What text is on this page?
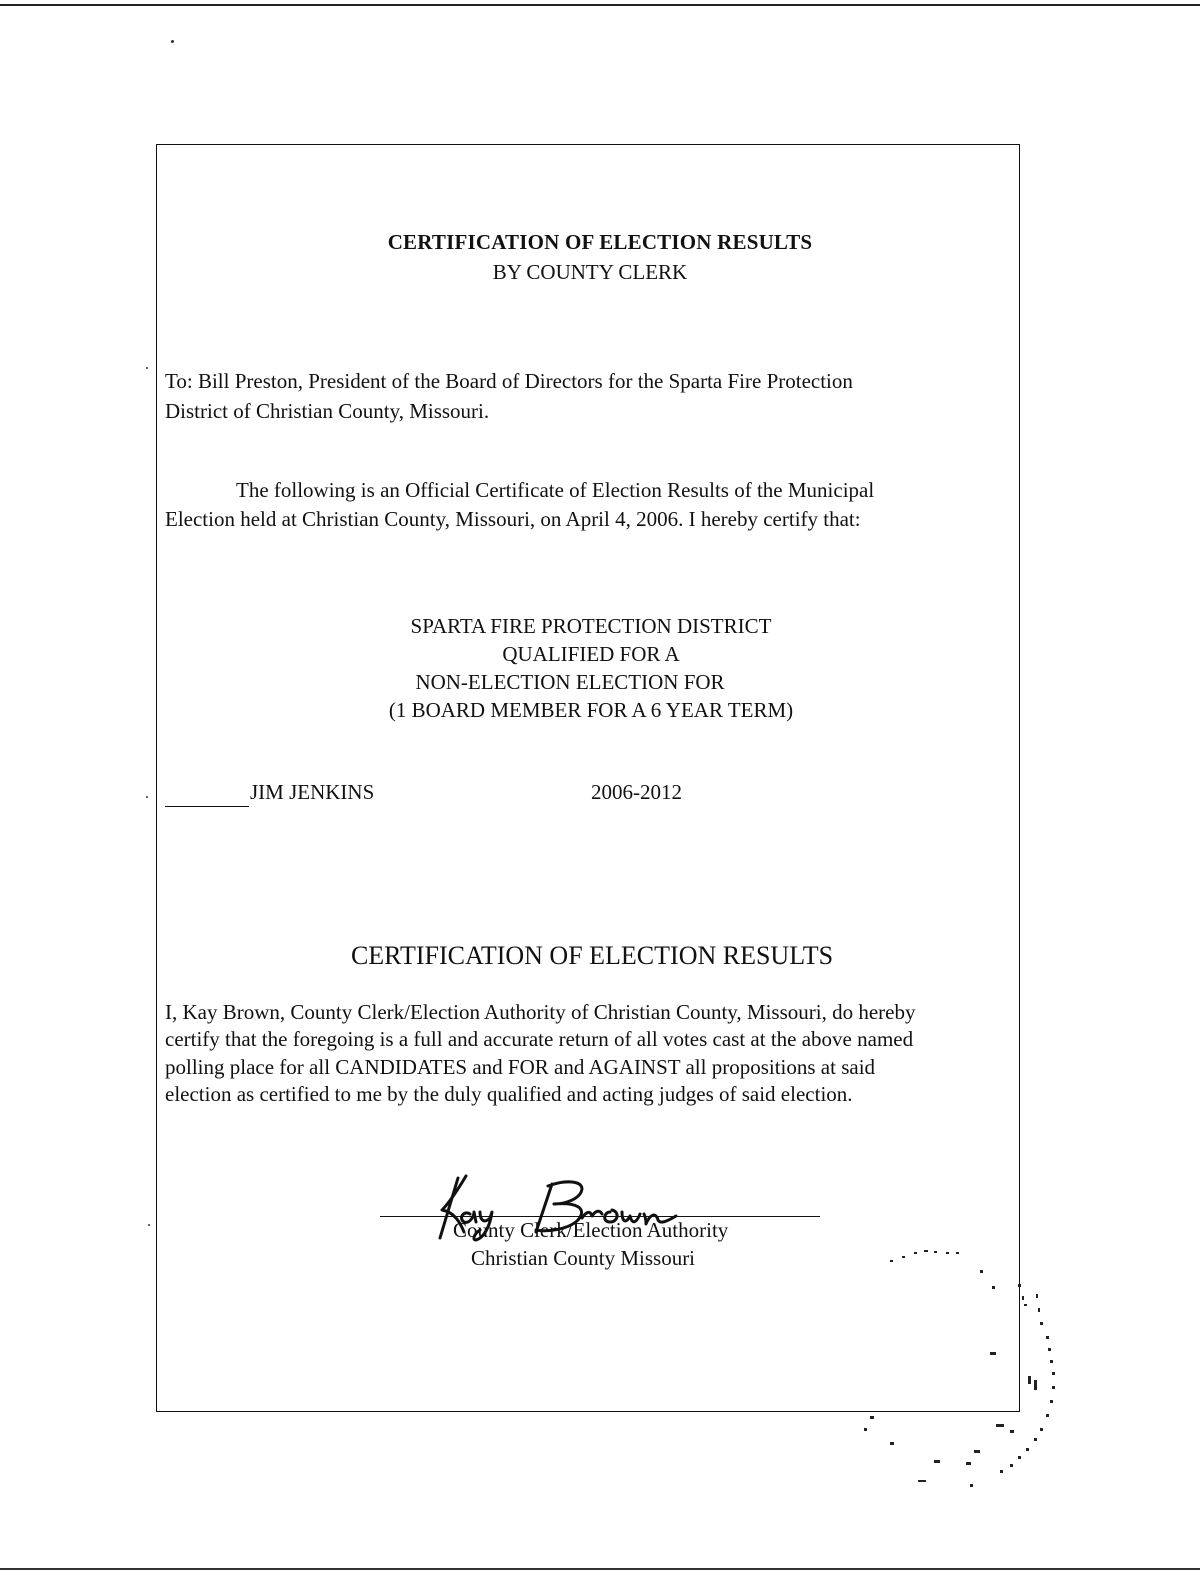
CERTIFICATION OF ELECTION RESULTS
BY COUNTY CLERK
To: Bill Preston, President of the Board of Directors for the Sparta Fire Protection
District of Christian County, Missouri.
The following is an Official Certificate of Election Results of the Municipal
Election held at Christian County, Missouri, on April 4, 2006. I hereby certify that:
SPARTA FIRE PROTECTION DISTRICT
QUALIFIED FOR A
NON-ELECTION ELECTION FOR
(1 BOARD MEMBER FOR A 6 YEAR TERM)
JIM JENKINS	2006-2012
CERTIFICATION OF ELECTION RESULTS
I, Kay Brown, County Clerk/Election Authority of Christian County, Missouri, do hereby
certify that the foregoing is a full and accurate return of all votes cast at the above named
polling place for all CANDIDATES and FOR and AGAINST all propositions at said
election as certified to me by the duly qualified and acting judges of said election.
County Clerk/Election Authority
Christian County Missouri
